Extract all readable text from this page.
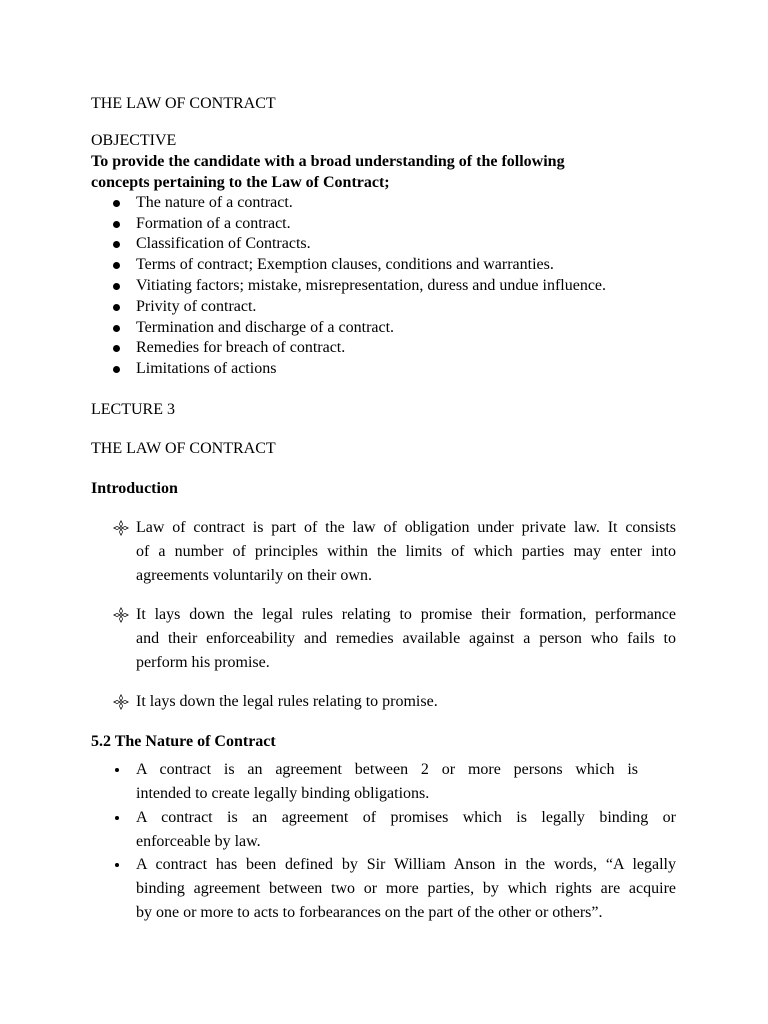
THE LAW OF CONTRACT
OBJECTIVE
To provide the candidate with a broad understanding of the following
concepts pertaining to the Law of Contract;
The nature of a contract.
Formation of a contract.
Classification of Contracts.
Terms of contract; Exemption clauses, conditions and warranties.
Vitiating factors; mistake, misrepresentation, duress and undue influence.
Privity of contract.
Termination and discharge of a contract.
Remedies for breach of contract.
Limitations of actions
LECTURE 3
THE LAW OF CONTRACT
Introduction
Law of contract is part of the law of obligation under private law. It consists
of a number of principles within the limits of which parties may enter into
agreements voluntarily on their own.
It lays down the legal rules relating to promise their formation, performance
and their enforceability and remedies available against a person who fails to
perform his promise.
It lays down the legal rules relating to promise.
5.2 The Nature of Contract
A contract is an agreement between 2 or more persons which is
intended to create legally binding obligations.
A contract is an agreement of promises which is legally binding or
enforceable by law.
A contract has been defined by Sir William Anson in the words, “A legally
binding agreement between two or more parties, by which rights are acquire
by one or more to acts to forbearances on the part of the other or others”.
